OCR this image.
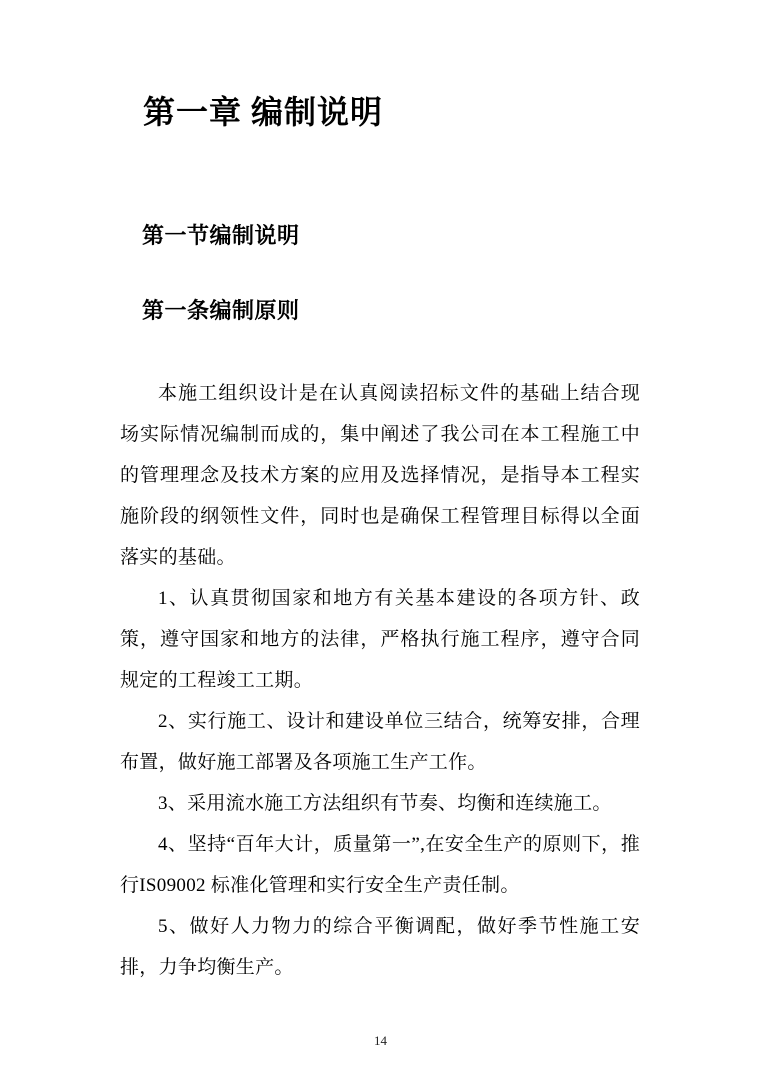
第一章 编制说明
第一节编制说明
第一条编制原则

本施工组织设计是在认真阅读招标文件的基础上结合现场实际情况编制而成的，集中阐述了我公司在本工程施工中的管理理念及技术方案的应用及选择情况，是指导本工程实施阶段的纲领性文件，同时也是确保工程管理目标得以全面落实的基础。

1、认真贯彻国家和地方有关基本建设的各项方针、政策，遵守国家和地方的法律，严格执行施工程序，遵守合同规定的工程竣工工期。

2、实行施工、设计和建设单位三结合，统筹安排，合理布置，做好施工部署及各项施工生产工作。

3、采用流水施工方法组织有节奏、均衡和连续施工。

4、坚持“百年大计，质量第一”,在安全生产的原则下，推行IS09002 标准化管理和实行安全生产责任制。

5、做好人力物力的综合平衡调配，做好季节性施工安排，力争均衡生产。

14
